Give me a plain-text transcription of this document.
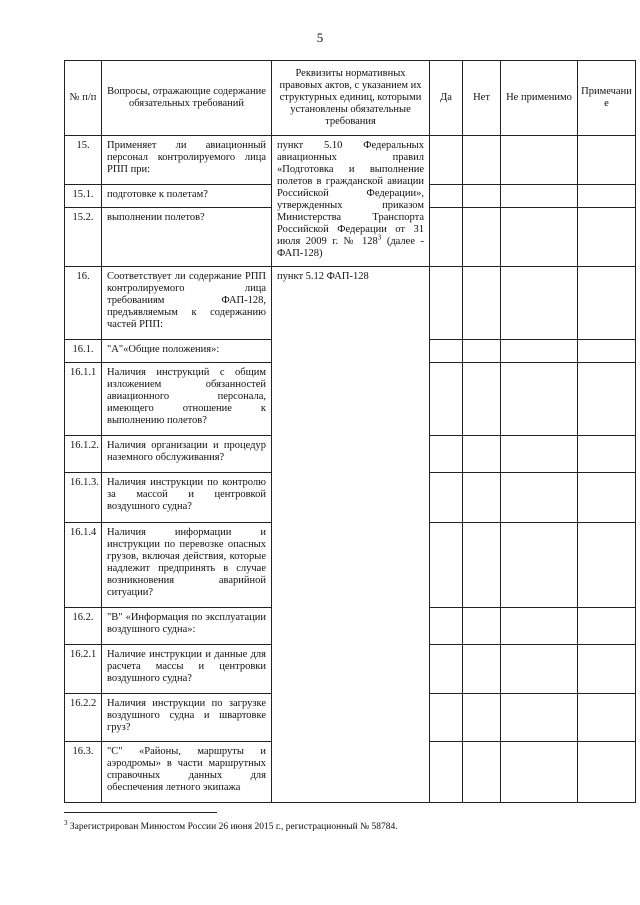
5
№ п/п	Вопросы, отражающие содержание обязательных требований	Реквизиты нормативных правовых актов, с указанием их структурных единиц, которыми установлены обязательные требования	Да	Нет	Не применимо	Примечание
15.	Применяет ли авиационный персонал контролируемого лица РПП при:	пункт 5.10 Федеральных авиационных правил «Подготовка и выполнение полетов в гражданской авиации Российской Федерации», утвержденных приказом Министерства Транспорта Российской Федерации от 31 июля 2009 г. № $128^3$ (далее - ФАП-128)				
15.1.	подготовке к полетам?					
15.2.	выполнении полетов?					
16.	Соответствует ли содержание РПП контролируемого лица требованиям ФАП-128, предъявляемым к содержанию частей РПП:	пункт 5.12 ФАП-128				
16.1.	"А"«Общие положения»:					
16.1.1	Наличия инструкций с общим изложением обязанностей авиационного персонала, имеющего отношение к выполнению полетов?					
16.1.2.	Наличия организации и процедур наземного обслуживания?					
16.1.3.	Наличия инструкции по контролю за массой и центровкой воздушного судна?					
16.1.4	Наличия информации и инструкции по перевозке опасных грузов, включая действия, которые надлежит предпринять в случае возникновения аварийной ситуации?					
16.2.	"В" «Информация по эксплуатации воздушного судна»:					
16.2.1	Наличие инструкции и данные для расчета массы и центровки воздушного судна?					
16.2.2	Наличия инструкции по загрузке воздушного судна и швартовке груз?					
16.3.	"С" «Районы, маршруты и аэродромы» в части маршрутных справочных данных для обеспечения летного экипажа					
$^3$ Зарегистрирован Минюстом России 26 июня 2015 г., регистрационный № 58784.
